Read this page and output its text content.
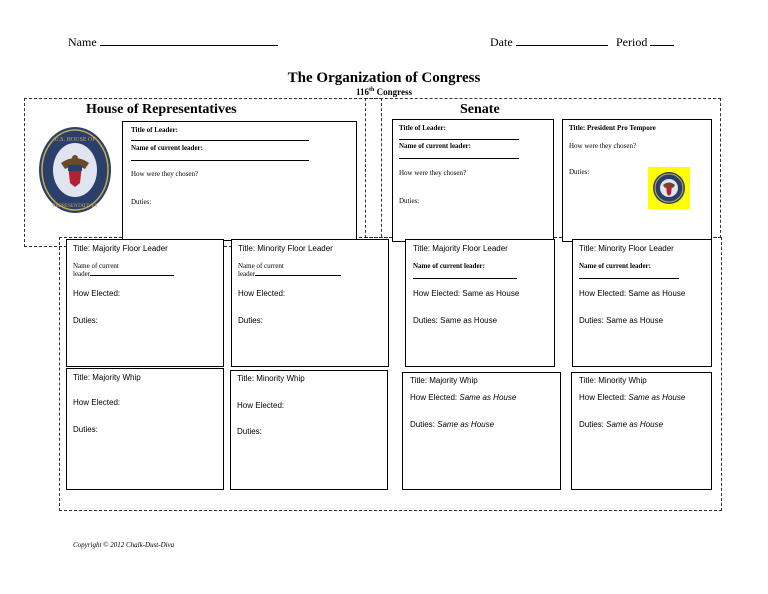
Name	Date	Period
The Organization of Congress
116th Congress
House of Representatives	Senate
U.S. HOUSE OF
REPRESENTATIVES
Title of Leader:
Name of current leader:
How were they chosen?
Duties:
Title of Leader:
Name of current leader:
How were they chosen?
Duties:
Title: President Pro Tempore
How were they chosen?
Duties:
Title: Majority Floor Leader
Name of current
leader
How Elected:
Duties:
Title: Minority Floor Leader
Name of current
leader
How Elected:
Duties:
Title: Majority Floor Leader
Name of current leader:
How Elected: Same as House
Duties: Same as House
Title: Minority Floor Leader
Name of current leader:
How Elected: Same as House
Duties: Same as House
Title: Majority Whip
How Elected:
Duties:
Title: Minority Whip
How Elected:
Duties:
Title: Majority Whip
How Elected: Same as House
Duties: Same as House
Title: Minority Whip
How Elected: Same as House
Duties: Same as House
Copyright © 2012 Chalk-Dust-Diva
